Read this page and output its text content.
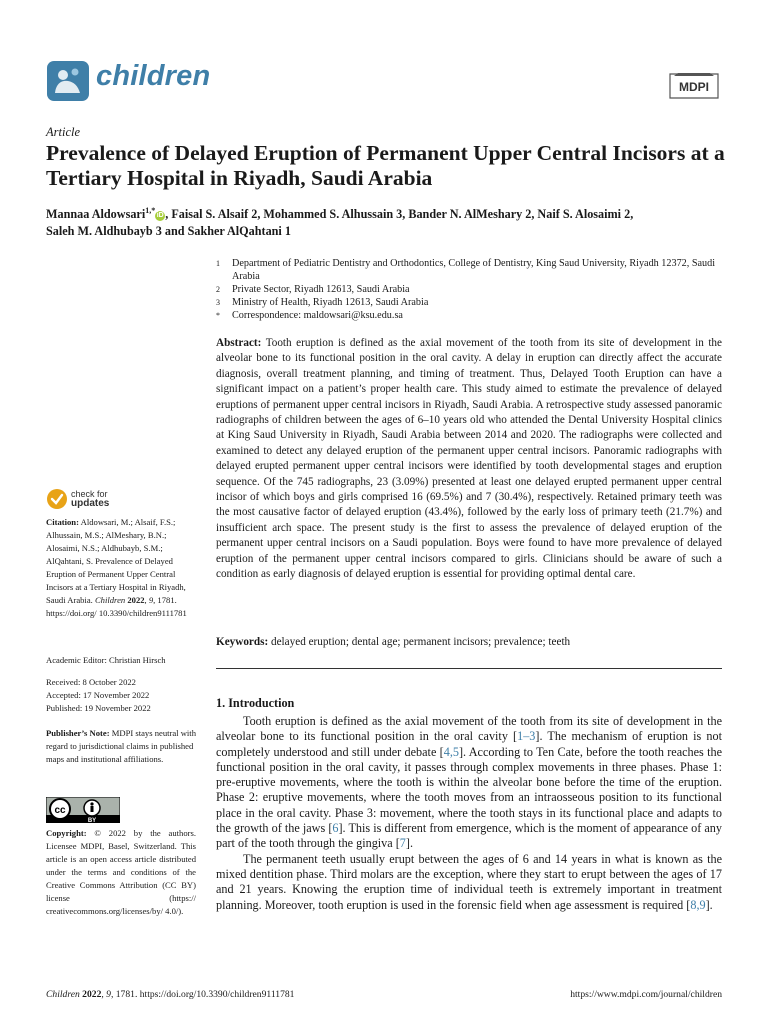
children	MDPI
Article
Prevalence of Delayed Eruption of Permanent Upper Central Incisors at a Tertiary Hospital in Riyadh, Saudi Arabia
Mannaa Aldowsari$^{1,*}$iD , Faisal S. Alsaif 2, Mohammed S. Alhussain 3, Bander N. AlMeshary 2, Naif S. Alosaimi 2,
Saleh M. Aldhubayb 3 and Sakher AlQahtani 1
1	Department of Pediatric Dentistry and Orthodontics, College of Dentistry, King Saud University, Riyadh 12372, Saudi Arabia
2	Private Sector, Riyadh 12613, Saudi Arabia
3	Ministry of Health, Riyadh 12613, Saudi Arabia
*	Correspondence: maldowsari@ksu.edu.sa
Abstract: Tooth eruption is defined as the axial movement of the tooth from its site of development in the alveolar bone to its functional position in the oral cavity. A delay in eruption can directly affect the accurate diagnosis, overall treatment planning, and timing of treatment. Thus, Delayed Tooth Eruption can have a significant impact on a patient’s proper health care. This study aimed to estimate the prevalence of delayed eruptions of permanent upper central incisors in Riyadh, Saudi Arabia. A retrospective study assessed panoramic radiographs of children between the ages of 6–10 years old who attended the Dental University Hospital clinics at King Saud University in Riyadh, Saudi Arabia between 2014 and 2020. The radiographs were collected and examined to detect any delayed eruption of the permanent upper central incisors. Panoramic radiographs with delayed erupted permanent upper central incisors were identified by tooth developmental stages and eruption sequence. Of the 745 radiographs, 23 (3.09%) presented at least one delayed erupted permanent upper central incisor of which boys and girls comprised 16 (69.5%) and 7 (30.4%), respectively. Retained primary teeth was the most causative factor of delayed eruption (43.4%), followed by the early loss of primary teeth (21.7%) and insufficient arch space. The present study is the first to assess the prevalence of delayed eruption of the permanent upper central incisors on a Saudi population. Boys were found to have more prevalence of delayed eruption of the permanent upper central incisors compared to girls. Clinicians should be aware of such a condition as early diagnosis of delayed eruption is essential for providing optimal dental care.
Keywords: delayed eruption; dental age; permanent incisors; prevalence; teeth
1. Introduction

Tooth eruption is defined as the axial movement of the tooth from its site of development in the alveolar bone to its functional position in the oral cavity [1–3]. The mechanism of eruption is not completely understood and still under debate [4,5]. According to Ten Cate, before the tooth reaches the functional position in the oral cavity, it passes through complex movements in three phases. Phase 1: pre-eruptive movements, where the tooth is within the alveolar bone before the time of the eruption. Phase 2: eruptive movements, where the tooth moves from an intraosseous position to its functional place in the oral cavity. Phase 3: movement, where the tooth stays in its functional place and adapts to the growth of the jaws [6]. This is different from emergence, which is the moment of appearance of any part of the tooth through the gingiva [7].

The permanent teeth usually erupt between the ages of 6 and 14 years in what is known as the mixed dentition phase. Third molars are the exception, where they start to erupt between the ages of 17 and 21 years. Knowing the eruption time of individual teeth is extremely important in treatment planning. Moreover, tooth eruption is used in the forensic field when age assessment is required [8,9].

check for
updates
Citation: Aldowsari, M.; Alsaif, F.S.; Alhussain, M.S.; AlMeshary, B.N.; Alosaimi, N.S.; Aldhubayb, S.M.; AlQahtani, S. Prevalence of Delayed Eruption of Permanent Upper Central Incisors at a Tertiary Hospital in Riyadh, Saudi Arabia. Children 2022, 9, 1781. https://doi.org/ 10.3390/children9111781
Academic Editor: Christian Hirsch
Received: 8 October 2022
Accepted: 17 November 2022
Published: 19 November 2022
Publisher’s Note: MDPI stays neutral with regard to jurisdictional claims in published maps and institutional affiliations.
cc
BY
Copyright: © 2022 by the authors. Licensee MDPI, Basel, Switzerland. This article is an open access article distributed under the terms and conditions of the Creative Commons Attribution (CC BY) license (https:// creativecommons.org/licenses/by/ 4.0/).
Children 2022, 9, 1781. https://doi.org/10.3390/children9111781	https://www.mdpi.com/journal/children
